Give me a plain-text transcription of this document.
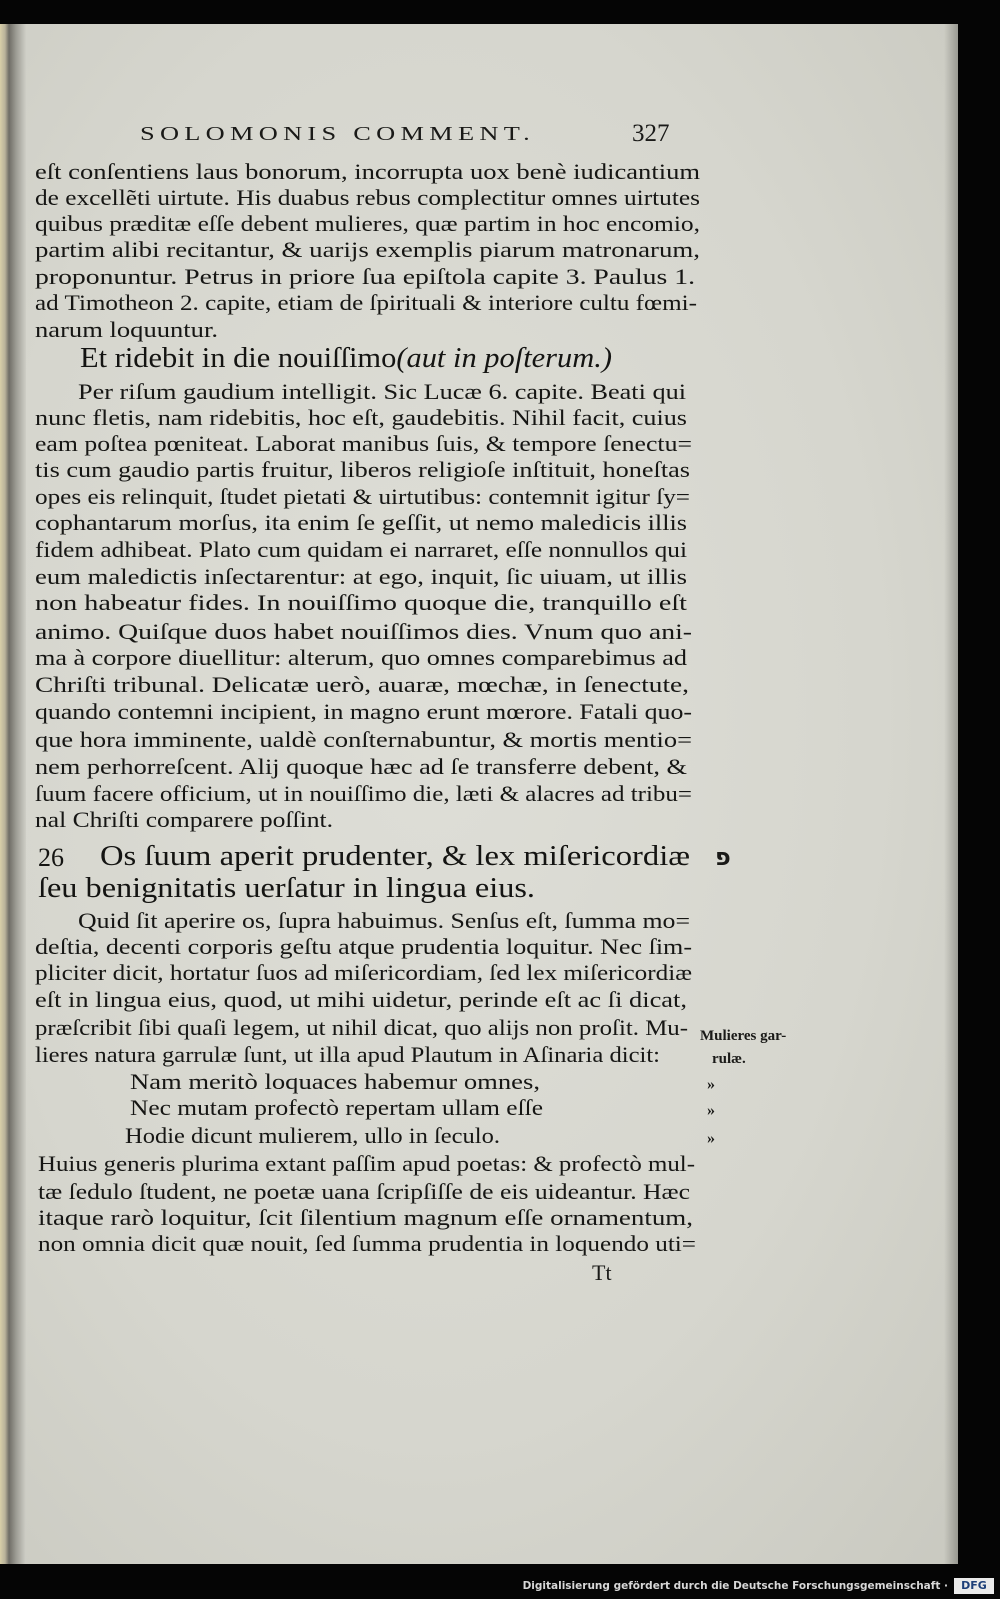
SOLOMONIS COMMENT.	327
eſt conſentiens laus bonorum, incorrupta uox benè iudicantium
de excellẽti uirtute. His duabus rebus complectitur omnes uirtutes
quibus præditæ eſſe debent mulieres, quæ partim in hoc encomio,
partim alibi recitantur, & uarijs exemplis piarum matronarum,
proponuntur. Petrus in priore ſua epiſtola capite 3. Paulus 1.
ad Timotheon 2. capite, etiam de ſpirituali & interiore cultu fœmi-
narum loquuntur.
Et ridebit in die nouiſſimo(aut in poſterum.)
Per riſum gaudium intelligit. Sic Lucæ 6. capite. Beati qui
nunc fletis, nam ridebitis, hoc eſt, gaudebitis. Nihil facit, cuius
eam poſtea pœniteat. Laborat manibus ſuis, & tempore ſenectu=
tis cum gaudio partis fruitur, liberos religioſe inſtituit, honeſtas
opes eis relinquit, ſtudet pietati & uirtutibus: contemnit igitur ſy=
cophantarum morſus, ita enim ſe geſſit, ut nemo maledicis illis
fidem adhibeat. Plato cum quidam ei narraret, eſſe nonnullos qui
eum maledictis inſectarentur: at ego, inquit, ſic uiuam, ut illis
non habeatur fides. In nouiſſimo quoque die, tranquillo eſt
animo. Quiſque duos habet nouiſſimos dies. Vnum quo ani-
ma à corpore diuellitur: alterum, quo omnes comparebimus ad
Chriſti tribunal. Delicatæ uerò, auaræ, mœchæ, in ſenectute,
quando contemni incipient, in magno erunt mœrore. Fatali quo-
que hora imminente, ualdè conſternabuntur, & mortis mentio=
nem perhorreſcent. Alij quoque hæc ad ſe transferre debent, &
ſuum facere officium, ut in nouiſſimo die, læti & alacres ad tribu=
nal Chriſti comparere poſſint.
26 Os ſuum aperit prudenter, & lex miſericordiæ
ſeu benignitatis uerſatur in lingua eius.
פ
Quid ſit aperire os, ſupra habuimus. Senſus eſt, ſumma mo=
deſtia, decenti corporis geſtu atque prudentia loquitur. Nec ſim-
pliciter dicit, hortatur ſuos ad miſericordiam, ſed lex miſericordiæ
eſt in lingua eius, quod, ut mihi uidetur, perinde eſt ac ſi dicat,
præſcribit ſibi quaſi legem, ut nihil dicat, quo alijs non proſit. Mu-
lieres natura garrulæ ſunt, ut illa apud Plautum in Aſinaria dicit:
Mulieres gar-
rulæ.
Nam meritò loquaces habemur omnes,
Nec mutam profectò repertam ullam eſſe
Hodie dicunt mulierem, ullo in ſeculo.
»
»
»
Huius generis plurima extant paſſim apud poetas: & profectò mul-
tæ ſedulo ſtudent, ne poetæ uana ſcripſiſſe de eis uideantur. Hæc
itaque rarò loquitur, ſcit ſilentium magnum eſſe ornamentum,
non omnia dicit quæ nouit, ſed ſumma prudentia in loquendo uti=
Tt
Digitalisierung gefördert durch die Deutsche Forschungsgemeinschaft ·	DFG
